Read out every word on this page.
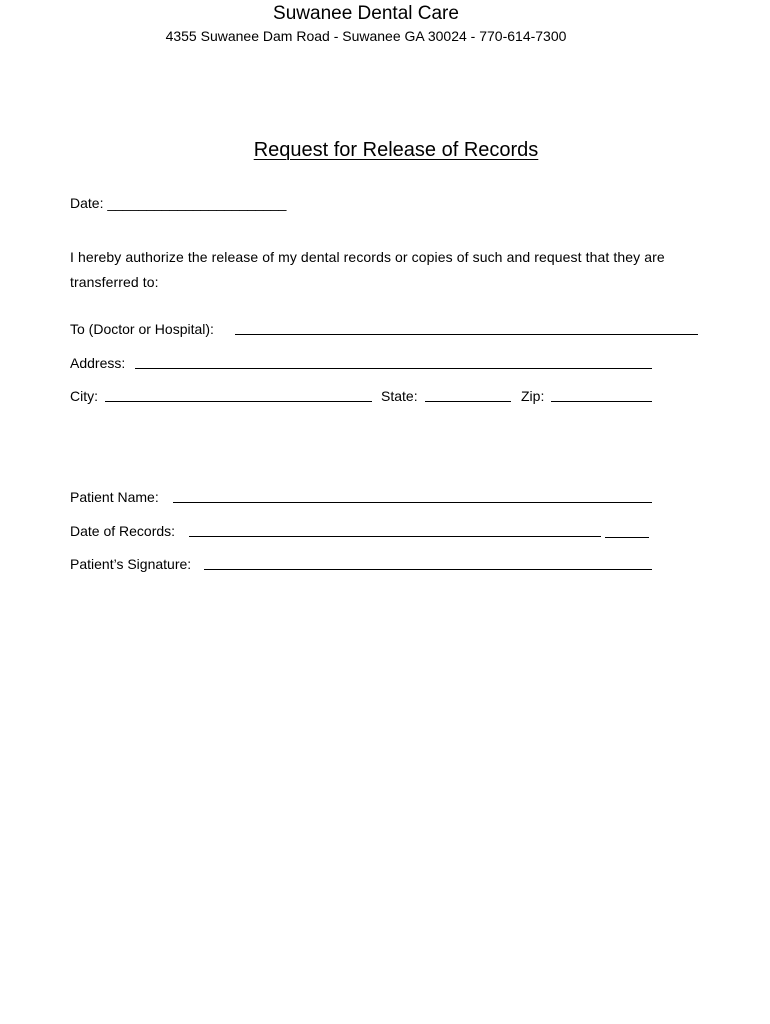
Suwanee Dental Care
4355 Suwanee Dam Road - Suwanee GA 30024 - 770-614-7300
Request for Release of Records
Date: _______________________
I hereby authorize the release of my dental records or copies of such and request that they are transferred to:
To (Doctor or Hospital):
Address:
City:	State:	Zip:
Patient Name:
Date of Records:
Patient’s Signature:
